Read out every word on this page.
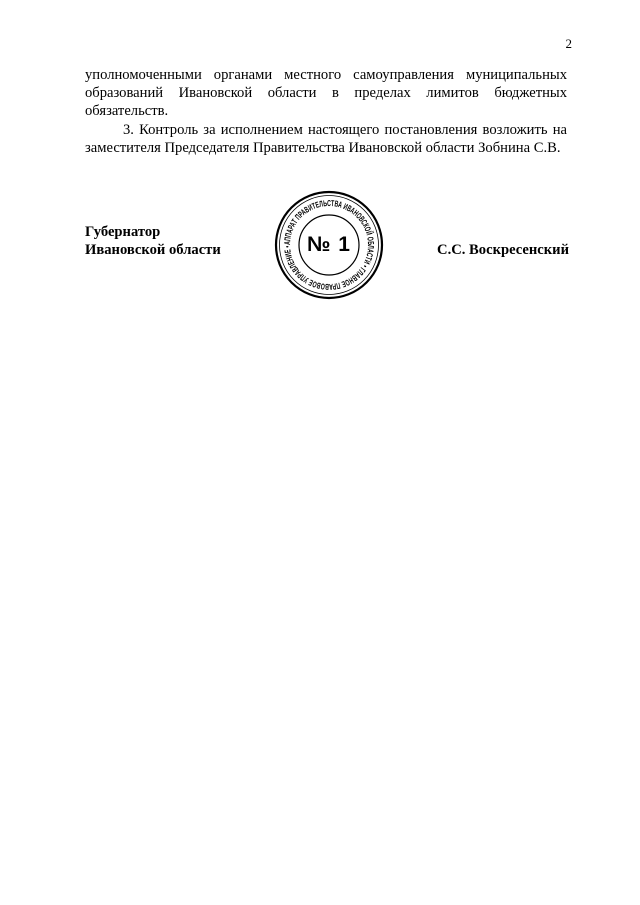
2

уполномоченными органами местного самоуправления муниципальных образований Ивановской области в пределах лимитов бюджетных обязательств.

3. Контроль за исполнением настоящего постановления возложить на заместителя Председателя Правительства Ивановской области Зобнина С.В.

Губернатор
Ивановской области
АППАРАТ ПРАВИТЕЛЬСТВА ИВАНОВСКОЙ ОБЛАСТИ • ГЛАВНОЕ ПРАВОВОЕ УПРАВЛЕНИЕ • № 1	С.С. Воскресенский
